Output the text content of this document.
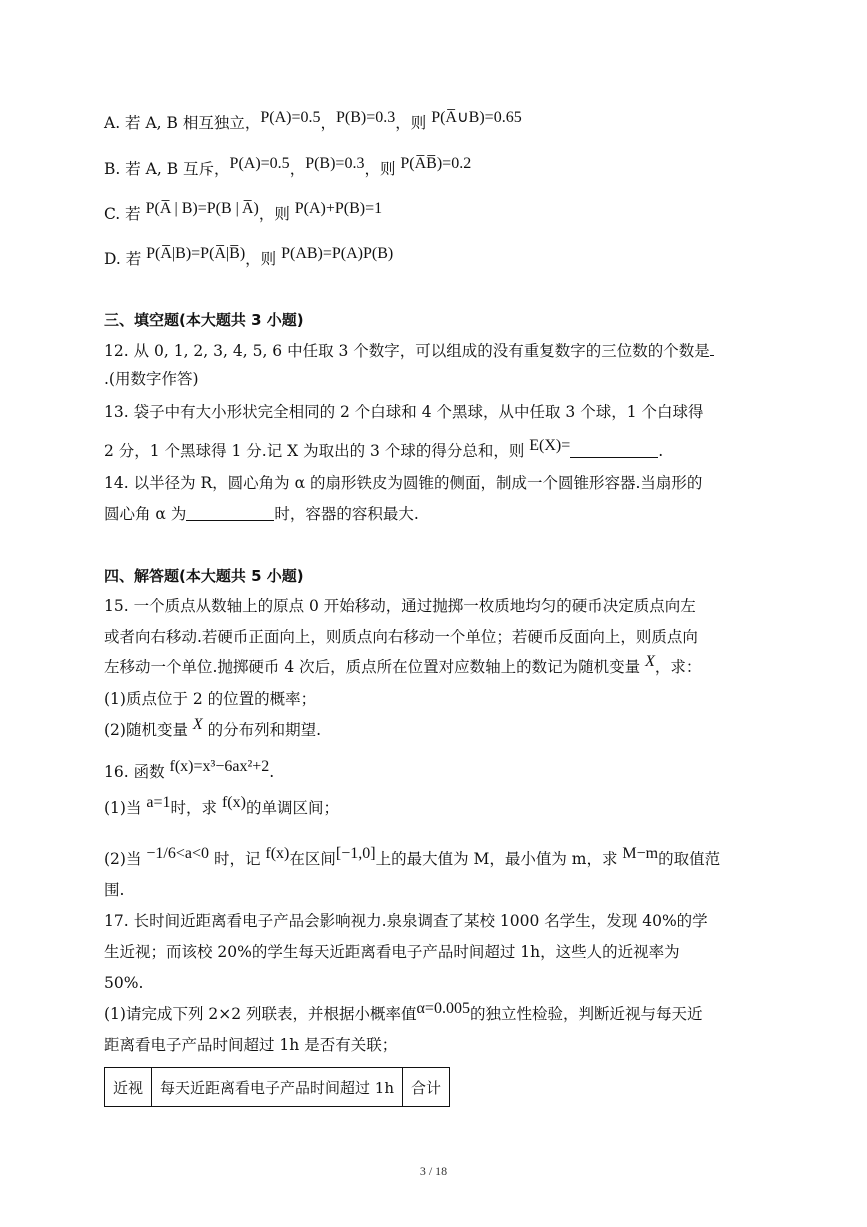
A. 若 A, B 相互独立，P(A)=0.5，P(B)=0.3，则 P(A̅∪B)=0.65
B. 若 A, B 互斥，P(A)=0.5，P(B)=0.3，则 P(A̅B̅)=0.2
C. 若 P(A̅ | B)=P(B | A̅)，则 P(A)+P(B)=1
D. 若 P(A̅|B)=P(A̅|B̅)，则 P(AB)=P(A)P(B)
三、填空题(本大题共 3 小题)
12. 从 0, 1, 2, 3, 4, 5, 6 中任取 3 个数字，可以组成的没有重复数字的三位数的个数是
.(用数字作答)
13. 袋子中有大小形状完全相同的 2 个白球和 4 个黑球，从中任取 3 个球，1 个白球得
2 分，1 个黑球得 1 分.记 X 为取出的 3 个球的得分总和，则 E(X)=	.
14. 以半径为 R，圆心角为 α 的扇形铁皮为圆锥的侧面，制成一个圆锥形容器.当扇形的
圆心角 α 为	时，容器的容积最大.
四、解答题(本大题共 5 小题)
15. 一个质点从数轴上的原点 0 开始移动，通过抛掷一枚质地均匀的硬币决定质点向左
或者向右移动.若硬币正面向上，则质点向右移动一个单位；若硬币反面向上，则质点向
左移动一个单位.抛掷硬币 4 次后，质点所在位置对应数轴上的数记为随机变量 X，求：
(1)质点位于 2 的位置的概率；
(2)随机变量 X 的分布列和期望.
16. 函数 f(x)=x³−6ax²+2.
(1)当 a=1时，求 f(x)的单调区间；
(2)当 −1/6<a<0 时，记 f(x)在区间[−1,0]上的最大值为 M，最小值为 m，求 M−m的取值范
围.
17. 长时间近距离看电子产品会影响视力.泉泉调查了某校 1000 名学生，发现 40%的学
生近视；而该校 20%的学生每天近距离看电子产品时间超过 1h，这些人的近视率为
50%.
(1)请完成下列 2×2 列联表，并根据小概率值α=0.005的独立性检验，判断近视与每天近
距离看电子产品时间超过 1h 是否有关联；
近视	每天近距离看电子产品时间超过 1h	合计
3 / 18
